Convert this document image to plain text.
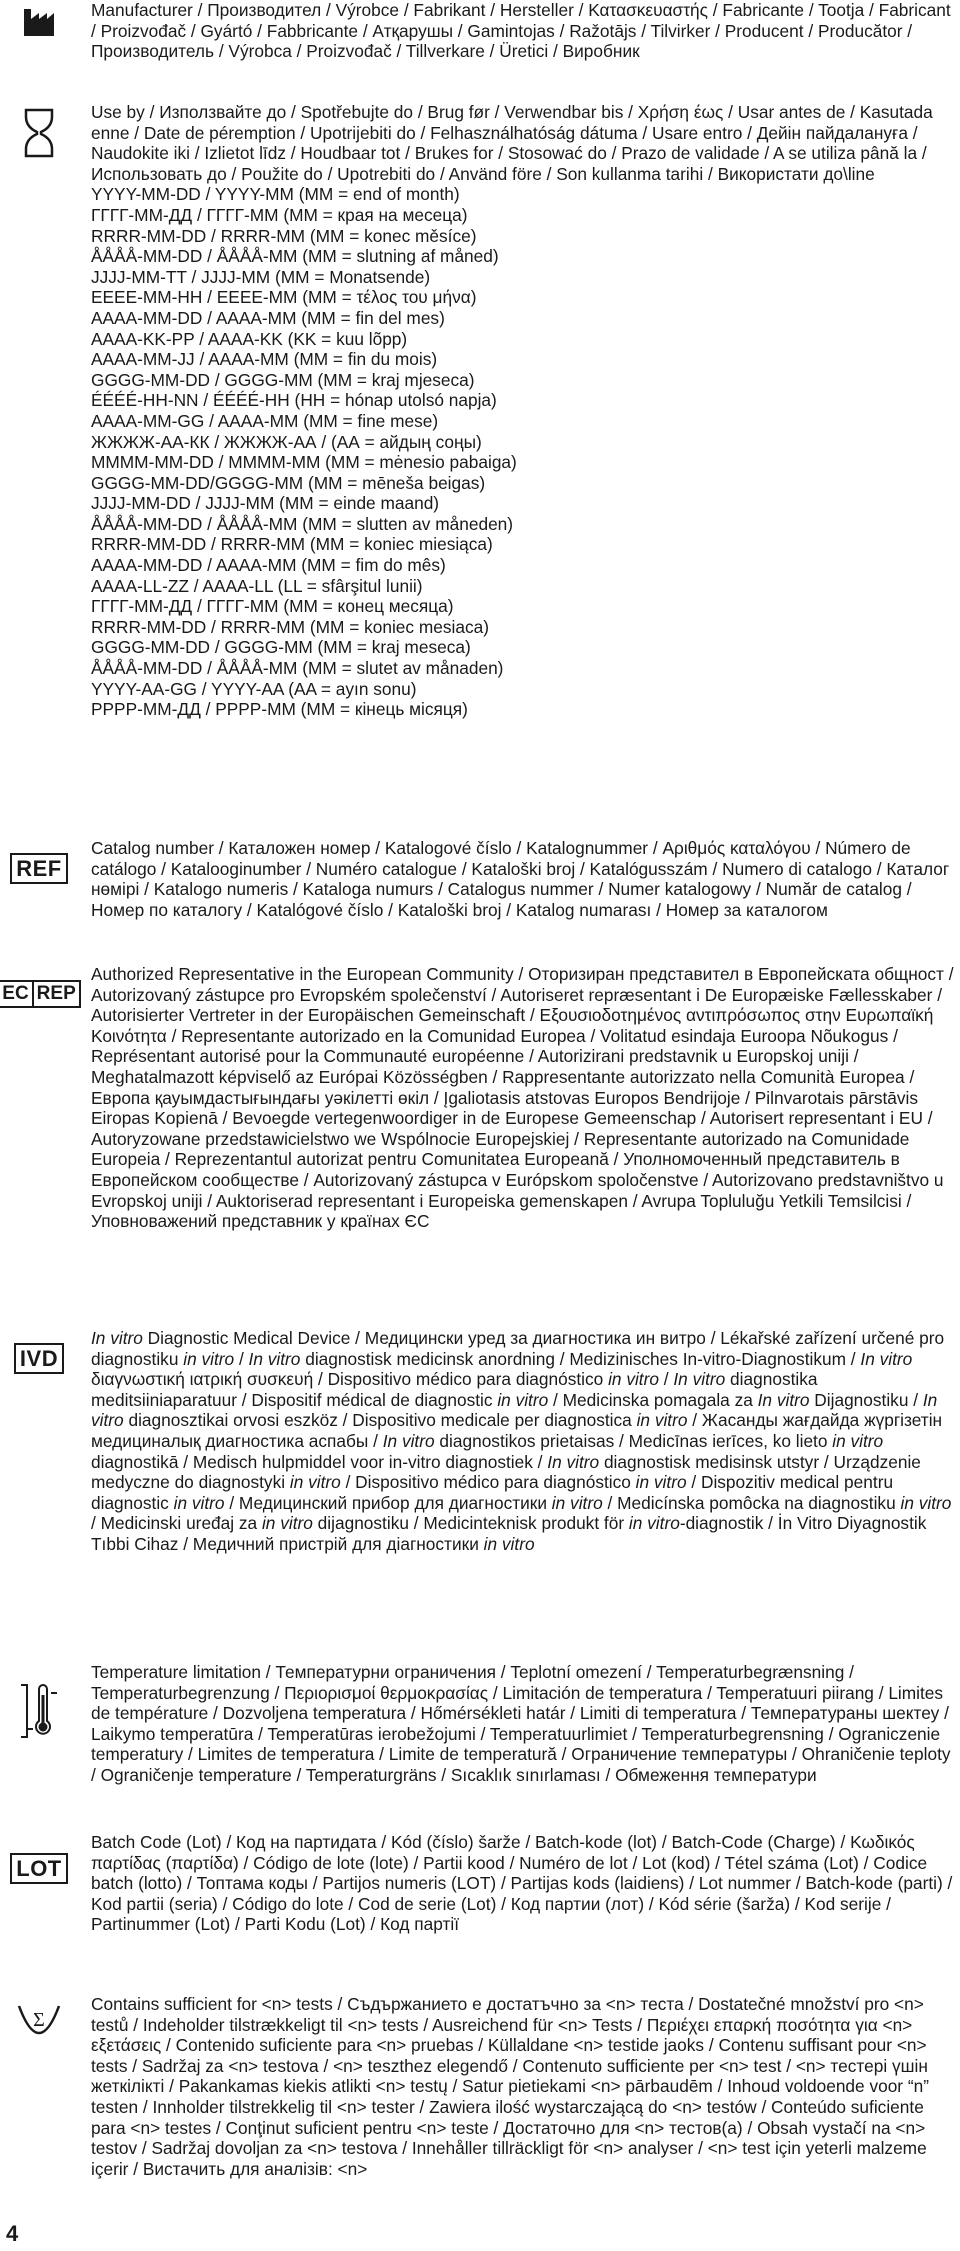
Manufacturer / Производител / Výrobce / Fabrikant / Hersteller / Κατασκευαστής / Fabricante / Tootja / Fabricant / Proizvođač / Gyártó / Fabbricante / Атқарушы / Gamintojas / Ražotājs / Tilvirker / Producent / Producător / Производитель / Výrobca / Proizvođač / Tillverkare / Üretici / Виробник

Use by / Използвайте до / Spotřebujte do / Brug før / Verwendbar bis / Χρήση έως / Usar antes de / Kasutada enne / Date de péremption / Upotrijebiti do / Felhasználhatóság dátuma / Usare entro / Дейін пайдалануға / Naudokite iki / Izlietot līdz / Houdbaar tot / Brukes for / Stosować do / Prazo de validade / A se utiliza până la / Использовать до / Použite do / Upotrebiti do / Använd före / Son kullanma tarihi / Використати до\line

YYYY-MM-DD / YYYY-MM (MM = end of month)

ГГГГ-ММ-ДД / ГГГГ-ММ (ММ = края на месеца)

RRRR-MM-DD / RRRR-MM (MM = konec měsíce)

ÅÅÅÅ-MM-DD / ÅÅÅÅ-MM (MM = slutning af måned)

JJJJ-MM-TT / JJJJ-MM (MM = Monatsende)

ΕΕΕΕ-ΜΜ-ΗΗ / ΕΕΕΕ-ΜΜ (ΜΜ = τέλος του μήνα)

AAAA-MM-DD / AAAA-MM (MM = fin del mes)

AAAA-KK-PP / AAAA-KK (KK = kuu lõpp)

AAAA-MM-JJ / AAAA-MM (MM = fin du mois)

GGGG-MM-DD / GGGG-MM (MM = kraj mjeseca)

ÉÉÉÉ-HH-NN / ÉÉÉÉ-HH (HH = hónap utolsó napja)

AAAA-MM-GG / AAAA-MM (MM = fine mese)

ЖЖЖЖ-АА-КК / ЖЖЖЖ-АА / (АА = айдың соңы)

MMMM-MM-DD / MMMM-MM (MM = mėnesio pabaiga)

GGGG-MM-DD/GGGG-MM (MM = mēneša beigas)

JJJJ-MM-DD / JJJJ-MM (MM = einde maand)

ÅÅÅÅ-MM-DD / ÅÅÅÅ-MM (MM = slutten av måneden)

RRRR-MM-DD / RRRR-MM (MM = koniec miesiąca)

AAAA-MM-DD / AAAA-MM (MM = fim do mês)

AAAA-LL-ZZ / AAAA-LL (LL = sfârşitul lunii)

ГГГГ-ММ-ДД / ГГГГ-ММ (ММ = конец месяца)

RRRR-MM-DD / RRRR-MM (MM = koniec mesiaca)

GGGG-MM-DD / GGGG-MM (MM = kraj meseca)

ÅÅÅÅ-MM-DD / ÅÅÅÅ-MM (MM = slutet av månaden)

YYYY-AA-GG / YYYY-AA (AA = ayın sonu)

РРРР-ММ-ДД / РРРР-ММ (ММ = кінець місяця)

REF

Catalog number / Каталожен номер / Katalogové číslo / Katalognummer / Αριθμός καταλόγου / Número de catálogo / Katalooginumber / Numéro catalogue / Kataloški broj / Katalógusszám / Numero di catalogo / Каталог нөмірі / Katalogo numeris / Kataloga numurs / Catalogus nummer / Numer katalogowy / Număr de catalog / Номер по каталогу / Katalógové číslo / Kataloški broj / Katalog numarası / Номер за каталогом

EC REP

Authorized Representative in the European Community / Оторизиран представител в Европейската общност / Autorizovaný zástupce pro Evropském společenství / Autoriseret repræsentant i De Europæiske Fællesskaber / Autorisierter Vertreter in der Europäischen Gemeinschaft / Εξουσιοδοτημένος αντιπρόσωπος στην Ευρωπαϊκή Κοινότητα / Representante autorizado en la Comunidad Europea / Volitatud esindaja Euroopa Nõukogus / Représentant autorisé pour la Communauté européenne / Autorizirani predstavnik u Europskoj uniji / Meghatalmazott képviselő az Európai Közösségben / Rappresentante autorizzato nella Comunità Europea / Европа қауымдастығындағы уәкілетті өкіл / Įgaliotasis atstovas Europos Bendrijoje / Pilnvarotais pārstāvis Eiropas Kopienā / Bevoegde vertegenwoordiger in de Europese Gemeenschap / Autorisert representant i EU / Autoryzowane przedstawicielstwo we Wspólnocie Europejskiej / Representante autorizado na Comunidade Europeia / Reprezentantul autorizat pentru Comunitatea Europeană / Уполномоченный представитель в Европейском сообществе / Autorizovaný zástupca v Európskom spoločenstve / Autorizovano predstavništvo u Evropskoj uniji / Auktoriserad representant i Europeiska gemenskapen / Avrupa Topluluğu Yetkili Temsilcisi / Уповноважений представник у країнах ЄС

IVD

In vitro Diagnostic Medical Device / Медицински уред за диагностика ин витро / Lékařské zařízení určené pro diagnostiku in vitro / In vitro diagnostisk medicinsk anordning / Medizinisches In-vitro-Diagnostikum / In vitro διαγνωστική ιατρική συσκευή / Dispositivo médico para diagnóstico in vitro / In vitro diagnostika meditsiiniaparatuur / Dispositif médical de diagnostic in vitro / Medicinska pomagala za In vitro Dijagnostiku / In vitro diagnosztikai orvosi eszköz / Dispositivo medicale per diagnostica in vitro / Жасанды жағдайда жүргізетін медициналық диагностика аспабы / In vitro diagnostikos prietaisas / Medicīnas ierīces, ko lieto in vitro diagnostikā / Medisch hulpmiddel voor in-vitro diagnostiek / In vitro diagnostisk medisinsk utstyr / Urządzenie medyczne do diagnostyki in vitro / Dispositivo médico para diagnóstico in vitro / Dispozitiv medical pentru diagnostic in vitro / Медицинский прибор для диагностики in vitro / Medicínska pomôcka na diagnostiku in vitro / Medicinski uređaj za in vitro dijagnostiku / Medicinteknisk produkt för in vitro-diagnostik / İn Vitro Diyagnostik Tıbbi Cihaz / Медичний пристрій для діагностики in vitro

Temperature limitation / Температурни ограничения / Teplotní omezení / Temperaturbegrænsning / Temperaturbegrenzung / Περιορισμοί θερμοκρασίας / Limitación de temperatura / Temperatuuri piirang / Limites de température / Dozvoljena temperatura / Hőmérsékleti határ / Limiti di temperatura / Температураны шектеу / Laikymo temperatūra / Temperatūras ierobežojumi / Temperatuurlimiet / Temperaturbegrensning / Ograniczenie temperatury / Limites de temperatura / Limite de temperatură / Ограничение температуры / Ohraničenie teploty / Ograničenje temperature / Temperaturgräns / Sıcaklık sınırlaması / Обмеження температури

LOT

Batch Code (Lot) / Код на партидата / Kód (číslo) šarže / Batch-kode (lot) / Batch-Code (Charge) / Κωδικός παρτίδας (παρτίδα) / Código de lote (lote) / Partii kood / Numéro de lot / Lot (kod) / Tétel száma (Lot) / Codice batch (lotto) / Топтама коды / Partijos numeris (LOT) / Partijas kods (laidiens) / Lot nummer / Batch-kode (parti) / Kod partii (seria) / Código do lote / Cod de serie (Lot) / Код партии (лот) / Kód série (šarža) / Kod serije / Partinummer (Lot) / Parti Kodu (Lot) / Код партії

Σ

Contains sufficient for <n> tests / Съдържанието е достатъчно за <n> теста / Dostatečné množství pro <n> testů / Indeholder tilstrækkeligt til <n> tests / Ausreichend für <n> Tests / Περιέχει επαρκή ποσότητα για <n> εξετάσεις / Contenido suficiente para <n> pruebas / Küllaldane <n> testide jaoks / Contenu suffisant pour <n> tests / Sadržaj za <n> testova / <n> teszthez elegendő / Contenuto sufficiente per <n> test / <n> тестері үшін жеткілікті / Pakankamas kiekis atlikti <n> testų / Satur pietiekami <n> pārbaudēm / Inhoud voldoende voor “n” testen / Innholder tilstrekkelig til <n> tester / Zawiera ilość wystarczającą do <n> testów / Conteúdo suficiente para <n> testes / Conţinut suficient pentru <n> teste / Достаточно для <n> тестов(а) / Obsah vystačí na <n> testov / Sadržaj dovoljan za <n> testova / Innehåller tillräckligt för <n> analyser / <n> test için yeterli malzeme içerir / Вистачить для аналізів: <n>

4
